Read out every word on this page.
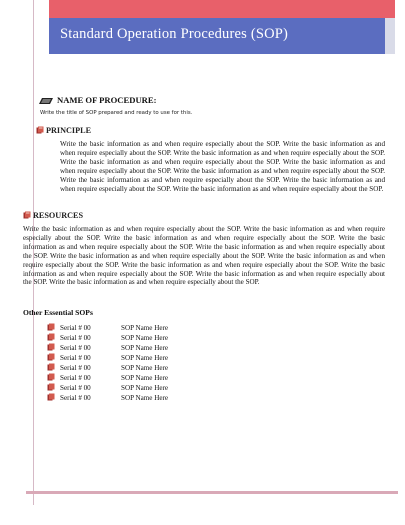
Standard Operation Procedures (SOP)
NAME OF PROCEDURE:
Write the title of SOP prepared and ready to use for this.
PRINCIPLE
Write the basic information as and when require especially about the SOP. Write the basic information as and when require especially about the SOP. Write the basic information as and when require especially about the SOP. Write the basic information as and when require especially about the SOP. Write the basic information as and when require especially about the SOP. Write the basic information as and when require especially about the SOP. Write the basic information as and when require especially about the SOP. Write the basic information as and when require especially about the SOP. Write the basic information as and when require especially about the SOP.
RESOURCES
Write the basic information as and when require especially about the SOP. Write the basic information as and when require especially about the SOP. Write the basic information as and when require especially about the SOP. Write the basic information as and when require especially about the SOP. Write the basic information as and when require especially about the SOP. Write the basic information as and when require especially about the SOP. Write the basic information as and when require especially about the SOP. Write the basic information as and when require especially about the SOP. Write the basic information as and when require especially about the SOP. Write the basic information as and when require especially about the SOP. Write the basic information as and when require especially about the SOP.
Other Essential SOPs
Serial # 00	SOP Name Here
Serial # 00	SOP Name Here
Serial # 00	SOP Name Here
Serial # 00	SOP Name Here
Serial # 00	SOP Name Here
Serial # 00	SOP Name Here
Serial # 00	SOP Name Here
Serial # 00	SOP Name Here
